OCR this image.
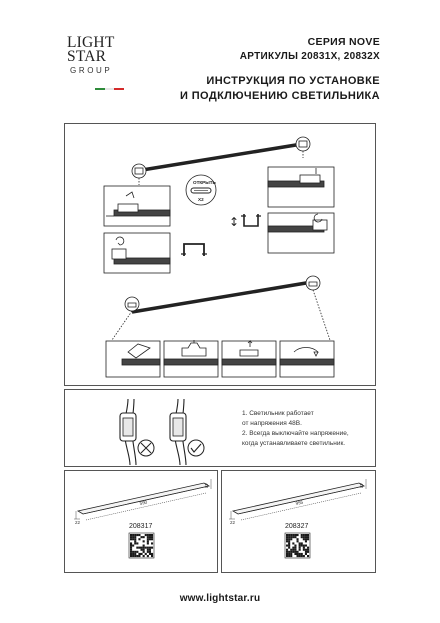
LIGHT
STAR
GROUP
СЕРИЯ NOVE
АРТИКУЛЫ 20831X, 20832X
ИНСТРУКЦИЯ ПО УСТАНОВКЕ
И ПОДКЛЮЧЕНИЮ СВЕТИЛЬНИКА
ОТКРЫТЬ
X2
↕
590
48
22
955
48
22

1. Светильник работает

от напряжения 48В.

2. Всегда выключайте напряжение,

когда устанавливаете светильник.

208317	208327
www.lightstar.ru
